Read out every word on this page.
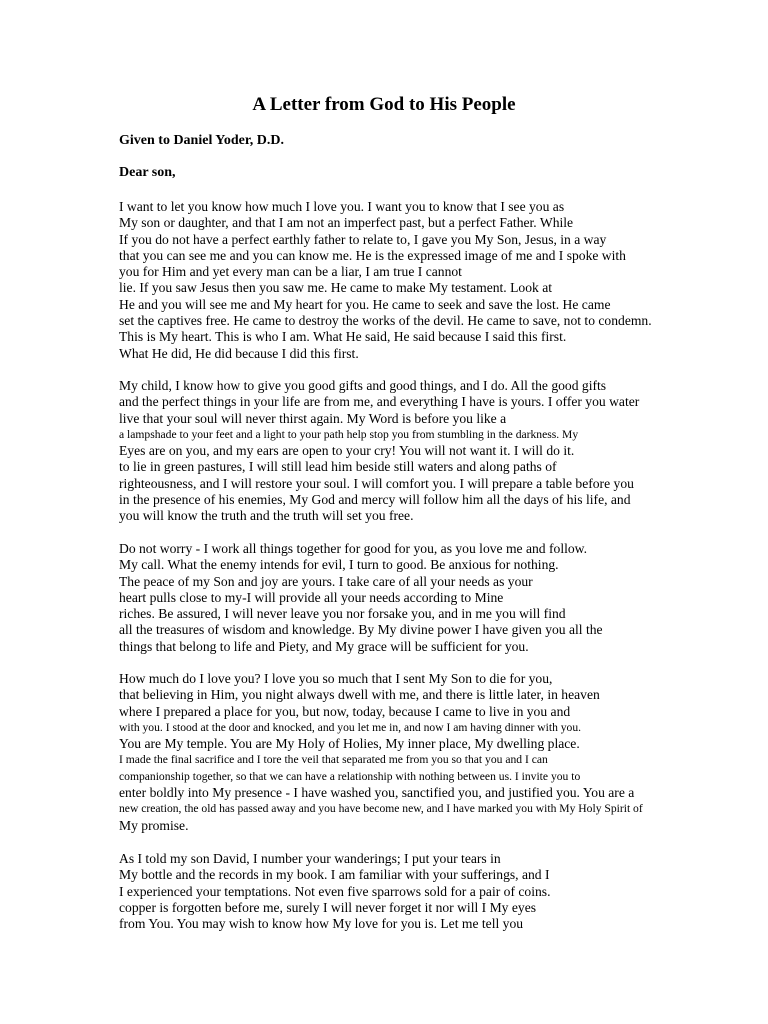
A Letter from God to His People

Given to Daniel Yoder, D.D.

Dear son,

I want to let you know how much I love you. I want you to know that I see you as
My son or daughter, and that I am not an imperfect past, but a perfect Father. While
If you do not have a perfect earthly father to relate to, I gave you My Son, Jesus, in a way
that you can see me and you can know me. He is the expressed image of me and I spoke with
you for Him and yet every man can be a liar, I am true I cannot
lie. If you saw Jesus then you saw me. He came to make My testament. Look at
He and you will see me and My heart for you. He came to seek and save the lost. He came
set the captives free. He came to destroy the works of the devil. He came to save, not to condemn.
This is My heart. This is who I am. What He said, He said because I said this first.
What He did, He did because I did this first.
My child, I know how to give you good gifts and good things, and I do. All the good gifts
and the perfect things in your life are from me, and everything I have is yours. I offer you water
live that your soul will never thirst again. My Word is before you like a
a lampshade to your feet and a light to your path help stop you from stumbling in the darkness. My
Eyes are on you, and my ears are open to your cry! You will not want it. I will do it.
to lie in green pastures, I will still lead him beside still waters and along paths of
righteousness, and I will restore your soul. I will comfort you. I will prepare a table before you
in the presence of his enemies, My God and mercy will follow him all the days of his life, and
you will know the truth and the truth will set you free.
Do not worry - I work all things together for good for you, as you love me and follow.
My call. What the enemy intends for evil, I turn to good. Be anxious for nothing.
The peace of my Son and joy are yours. I take care of all your needs as your
heart pulls close to my-I will provide all your needs according to Mine
riches. Be assured, I will never leave you nor forsake you, and in me you will find
all the treasures of wisdom and knowledge. By My divine power I have given you all the
things that belong to life and Piety, and My grace will be sufficient for you.
How much do I love you? I love you so much that I sent My Son to die for you,
that believing in Him, you night always dwell with me, and there is little later, in heaven
where I prepared a place for you, but now, today, because I came to live in you and
with you. I stood at the door and knocked, and you let me in, and now I am having dinner with you.
You are My temple. You are My Holy of Holies, My inner place, My dwelling place.
I made the final sacrifice and I tore the veil that separated me from you so that you and I can
companionship together, so that we can have a relationship with nothing between us. I invite you to
enter boldly into My presence - I have washed you, sanctified you, and justified you. You are a
new creation, the old has passed away and you have become new, and I have marked you with My Holy Spirit of
My promise.
As I told my son David, I number your wanderings; I put your tears in
My bottle and the records in my book. I am familiar with your sufferings, and I
I experienced your temptations. Not even five sparrows sold for a pair of coins.
copper is forgotten before me, surely I will never forget it nor will I My eyes
from You. You may wish to know how My love for you is. Let me tell you
